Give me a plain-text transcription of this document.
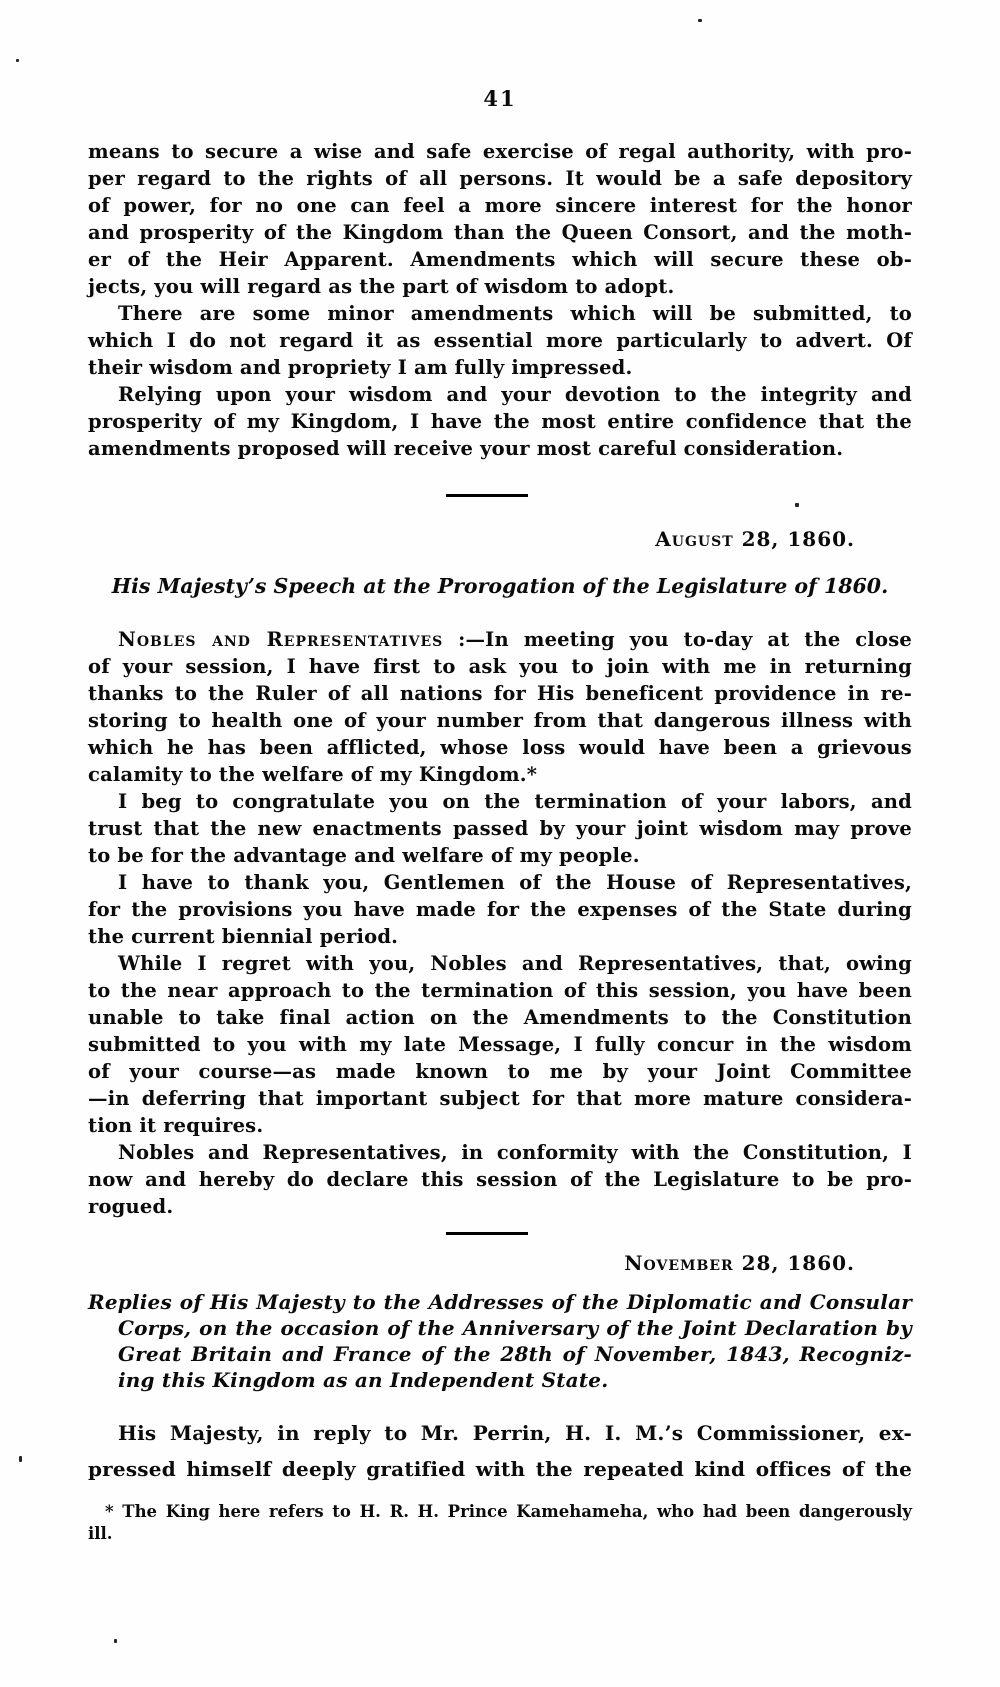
41
means to secure a wise and safe exercise of regal authority, with pro-
per regard to the rights of all persons. It would be a safe depository
of power, for no one can feel a more sincere interest for the honor
and prosperity of the Kingdom than the Queen Consort, and the moth-
er of the Heir Apparent. Amendments which will secure these ob-
jects, you will regard as the part of wisdom to adopt.
There are some minor amendments which will be submitted, to
which I do not regard it as essential more particularly to advert. Of
their wisdom and propriety I am fully impressed.
Relying upon your wisdom and your devotion to the integrity and
prosperity of my Kingdom, I have the most entire confidence that the
amendments proposed will receive your most careful consideration.
August 28, 1860.
His Majesty’s Speech at the Prorogation of the Legislature of 1860.
Nobles and Representatives :—In meeting you to-day at the close
of your session, I have first to ask you to join with me in returning
thanks to the Ruler of all nations for His beneficent providence in re-
storing to health one of your number from that dangerous illness with
which he has been afflicted, whose loss would have been a grievous
calamity to the welfare of my Kingdom.*
I beg to congratulate you on the termination of your labors, and
trust that the new enactments passed by your joint wisdom may prove
to be for the advantage and welfare of my people.
I have to thank you, Gentlemen of the House of Representatives,
for the provisions you have made for the expenses of the State during
the current biennial period.
While I regret with you, Nobles and Representatives, that, owing
to the near approach to the termination of this session, you have been
unable to take final action on the Amendments to the Constitution
submitted to you with my late Message, I fully concur in the wisdom
of your course—as made known to me by your Joint Committee
—in deferring that important subject for that more mature considera-
tion it requires.
Nobles and Representatives, in conformity with the Constitution, I
now and hereby do declare this session of the Legislature to be pro-
rogued.
November 28, 1860.
Replies of His Majesty to the Addresses of the Diplomatic and Consular
Corps, on the occasion of the Anniversary of the Joint Declaration by
Great Britain and France of the 28th of November, 1843, Recogniz-
ing this Kingdom as an Independent State.
His Majesty, in reply to Mr. Perrin, H. I. M.’s Commissioner, ex-
pressed himself deeply gratified with the repeated kind offices of the
* The King here refers to H. R. H. Prince Kamehameha, who had been dangerously
ill.
